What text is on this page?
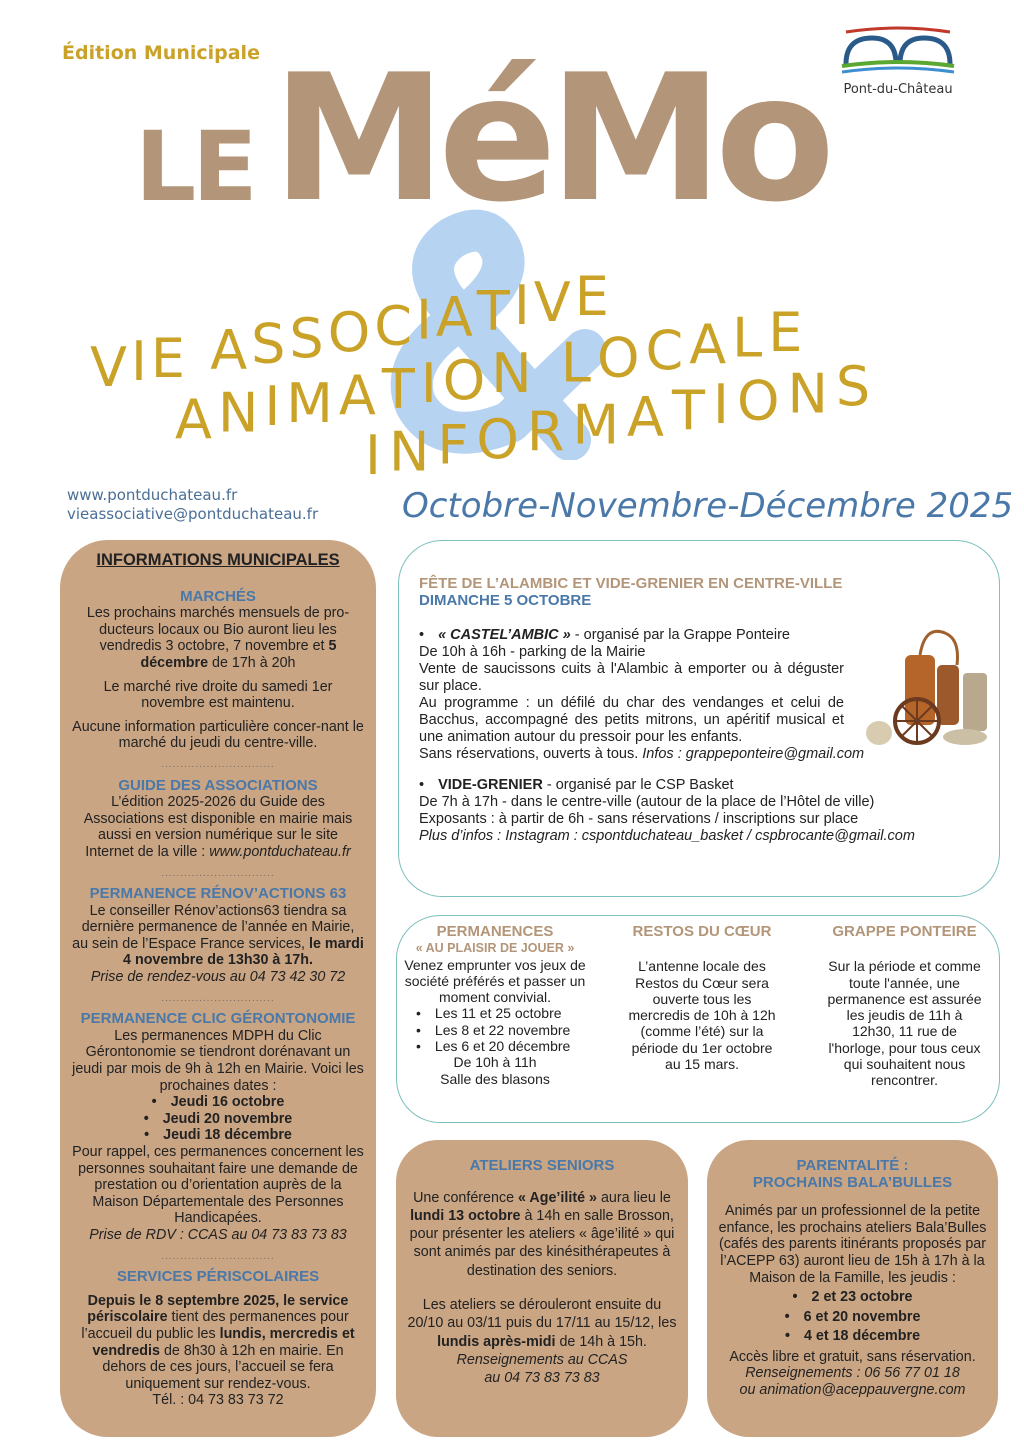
Édition Municipale
LE MéMo
V I E
A S S O C I A T I V E
A N I M A T I O N
L O C A L E
I N F O R M A T I O N S
Pont-du-Château
www.pontduchateau.fr
vieassociative@pontduchateau.fr Octobre-Novembre-Décembre 2025
INFORMATIONS MUNICIPALES
MARCHÉS

Les prochains marchés mensuels de pro-ducteurs locaux ou Bio auront lieu les vendredis 3 octobre, 7 novembre et 5 décembre de 17h à 20h

Le marché rive droite du samedi 1er novembre est maintenu.

Aucune information particulière concer-nant le marché du jeudi du centre-ville.

..............................
GUIDE DES ASSOCIATIONS

L’édition 2025-2026 du Guide des Associations est disponible en mairie mais aussi en version numérique sur le site Internet de la ville : www.pontduchateau.fr

..............................
PERMANENCE RÉNOV’ACTIONS 63

Le conseiller Rénov’actions63 tiendra sa dernière permanence de l’année en Mairie, au sein de l’Espace France services, le mardi 4 novembre de 13h30 à 17h.

Prise de rendez-vous au 04 73 42 30 72

..............................
PERMANENCE CLIC GÉRONTONOMIE

Les permanences MDPH du Clic Gérontonomie se tiendront dorénavant un jeudi par mois de 9h à 12h en Mairie. Voici les prochaines dates :

• Jeudi 16 octobre
• Jeudi 20 novembre
• Jeudi 18 décembre

Pour rappel, ces permanences concernent les personnes souhaitant faire une demande de prestation ou d’orientation auprès de la Maison Départementale des Personnes Handicapées.

Prise de RDV : CCAS au 04 73 83 73 83

..............................
SERVICES PÉRISCOLAIRES

Depuis le 8 septembre 2025, le service périscolaire tient des permanences pour l’accueil du public les lundis, mercredis et vendredis de 8h30 à 12h en mairie. En dehors de ces jours, l’accueil se fera uniquement sur rendez-vous.

Tél. : 04 73 83 73 72

FÊTE DE L’ALAMBIC ET VIDE-GRENIER EN CENTRE-VILLE
DIMANCHE 5 OCTOBRE
• « CASTEL’AMBIC » - organisé par la Grappe Ponteire
De 10h à 16h - parking de la Mairie
Vente de saucissons cuits à l'Alambic à emporter ou à déguster sur place.
Au programme : un défilé du char des vendanges et celui de Bacchus, accompagné des petits mitrons, un apéritif musical et une animation autour du pressoir pour les enfants.
Sans réservations, ouverts à tous. Infos : grappeponteire@gmail.com
• VIDE-GRENIER - organisé par le CSP Basket
De 7h à 17h - dans le centre-ville (autour de la place de l’Hôtel de ville)
Exposants : à partir de 6h - sans réservations / inscriptions sur place
Plus d’infos : Instagram : cspontduchateau_basket / cspbrocante@gmail.com
PERMANENCES
« AU PLAISIR DE JOUER »
Venez emprunter vos jeux de société préférés et passer un moment convivial.
• Les 11 et 25 octobre
• Les 8 et 22 novembre
• Les 6 et 20 décembre
De 10h à 11h
Salle des blasons
RESTOS DU CŒUR
L’antenne locale des Restos du Cœur sera ouverte tous les mercredis de 10h à 12h (comme l’été) sur la période du 1er octobre au 15 mars.
GRAPPE PONTEIRE
Sur la période et comme toute l'année, une permanence est assurée les jeudis de 11h à 12h30, 11 rue de l'horloge, pour tous ceux qui souhaitent nous rencontrer.
ATELIERS SENIORS

Une conférence « Age’ilité » aura lieu le lundi 13 octobre à 14h en salle Brosson, pour présenter les ateliers « âge’ilité » qui sont animés par des kinésithérapeutes à destination des seniors.

Les ateliers se dérouleront ensuite du 20/10 au 03/11 puis du 17/11 au 15/12, les lundis après-midi de 14h à 15h.

Renseignements au CCAS
au 04 73 83 73 83

PARENTALITÉ :
PROCHAINS BALA’BULLES

Animés par un professionnel de la petite enfance, les prochains ateliers Bala’Bulles (cafés des parents itinérants proposés par l’ACEPP 63) auront lieu de 15h à 17h à la Maison de la Famille, les jeudis :

• 2 et 23 octobre
• 6 et 20 novembre
• 4 et 18 décembre

Accès libre et gratuit, sans réservation.

Renseignements : 06 56 77 01 18
ou animation@aceppauvergne.com
